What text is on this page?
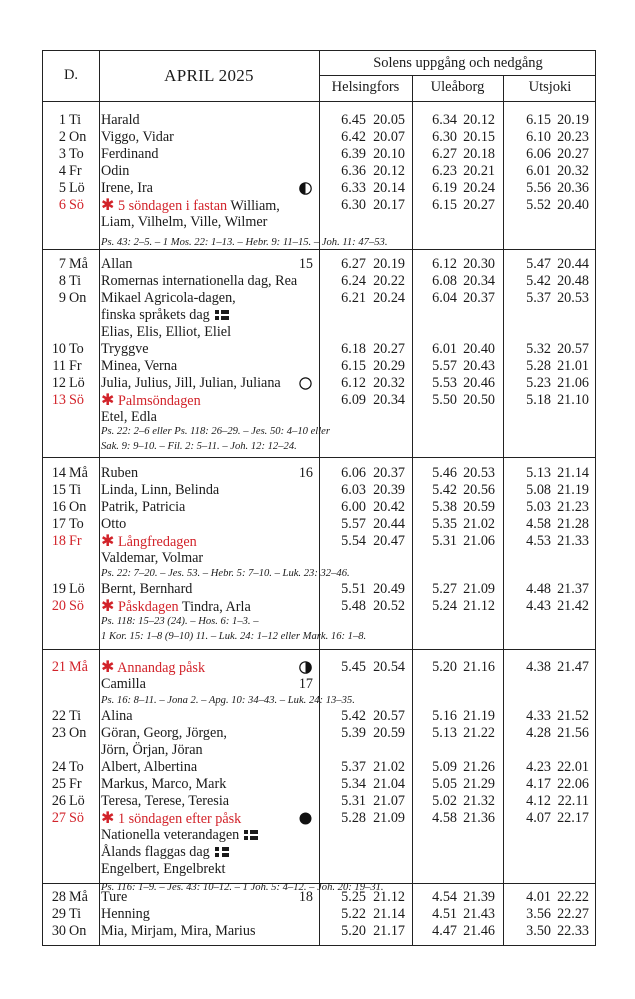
D.	APRIL 2025
Solens uppgång och nedgång
Helsingfors	Uleåborg	Utsjoki
1 Ti Harald	6.45 20.05	6.34 20.12	6.15 20.19
2 On Viggo, Vidar	6.42 20.07	6.30 20.15	6.10 20.23
3 To Ferdinand	6.39 20.10	6.27 20.18	6.06 20.27
4 Fr Odin	6.36 20.12	6.23 20.21	6.01 20.32
5 Lö Irene, Ira	6.33 20.14	6.19 20.24	5.56 20.36
6 Sö ✱ 5 söndagen i fastan William,	6.30 20.17	6.15 20.27	5.52 20.40
Liam, Vilhelm, Ville, Wilmer
7 Må Allan	15	6.27 20.19	6.12 20.30	5.47 20.44
8 Ti Romernas internationella dag, Rea	6.24 20.22	6.08 20.34	5.42 20.48
9 On Mikael Agricola-dagen,	6.21 20.24	6.04 20.37	5.37 20.53
finska språkets dag
Elias, Elis, Elliot, Eliel
10 To Tryggve	6.18 20.27	6.01 20.40	5.32 20.57
11 Fr Minea, Verna	6.15 20.29	5.57 20.43	5.28 21.01
12 Lö Julia, Julius, Jill, Julian, Juliana	6.12 20.32	5.53 20.46	5.23 21.06
13 Sö ✱ Palmsöndagen	6.09 20.34	5.50 20.50	5.18 21.10
Etel, Edla
14 Må Ruben	16	6.06 20.37	5.46 20.53	5.13 21.14
15 Ti Linda, Linn, Belinda	6.03 20.39	5.42 20.56	5.08 21.19
16 On Patrik, Patricia	6.00 20.42	5.38 20.59	5.03 21.23
17 To Otto	5.57 20.44	5.35 21.02	4.58 21.28
18 Fr ✱ Långfredagen	5.54 20.47	5.31 21.06	4.53 21.33
Valdemar, Volmar
19 Lö Bernt, Bernhard	5.51 20.49	5.27 21.09	4.48 21.37
20 Sö ✱ Påskdagen Tindra, Arla	5.48 20.52	5.24 21.12	4.43 21.42
21 Må ✱ Annandag påsk	5.45 20.54	5.20 21.16	4.38 21.47
Camilla	17
22 Ti Alina	5.42 20.57	5.16 21.19	4.33 21.52
23 On Göran, Georg, Jörgen,	5.39 20.59	5.13 21.22	4.28 21.56
Jörn, Örjan, Jöran
24 To Albert, Albertina	5.37 21.02	5.09 21.26	4.23 22.01
25 Fr Markus, Marco, Mark	5.34 21.04	5.05 21.29	4.17 22.06
26 Lö Teresa, Terese, Teresia	5.31 21.07	5.02 21.32	4.12 22.11
27 Sö ✱ 1 söndagen efter påsk	5.28 21.09	4.58 21.36	4.07 22.17
Nationella veterandagen
Ålands flaggas dag
Engelbert, Engelbrekt
28 Må Ture	18	5.25 21.12	4.54 21.39	4.01 22.22
29 Ti Henning	5.22 21.14	4.51 21.43	3.56 22.27
30 On Mia, Mirjam, Mira, Marius	5.20 21.17	4.47 21.46	3.50 22.33
Ps. 43: 2–5. – 1 Mos. 22: 1–13. – Hebr. 9: 11–15. – Joh. 11: 47–53.
Ps. 22: 2–6 eller Ps. 118: 26–29. – Jes. 50: 4–10 eller
Sak. 9: 9–10. – Fil. 2: 5–11. – Joh. 12: 12–24.
Ps. 22: 7–20. – Jes. 53. – Hebr. 5: 7–10. – Luk. 23: 32–46.
Ps. 118: 15–23 (24). – Hos. 6: 1–3. –
1 Kor. 15: 1–8 (9–10) 11. – Luk. 24: 1–12 eller Mark. 16: 1–8.
Ps. 16: 8–11. – Jona 2. – Apg. 10: 34–43. – Luk. 24: 13–35.
Ps. 116: 1–9. – Jes. 43: 10–12. – 1 Joh. 5: 4–12. – Joh. 20: 19–31.
